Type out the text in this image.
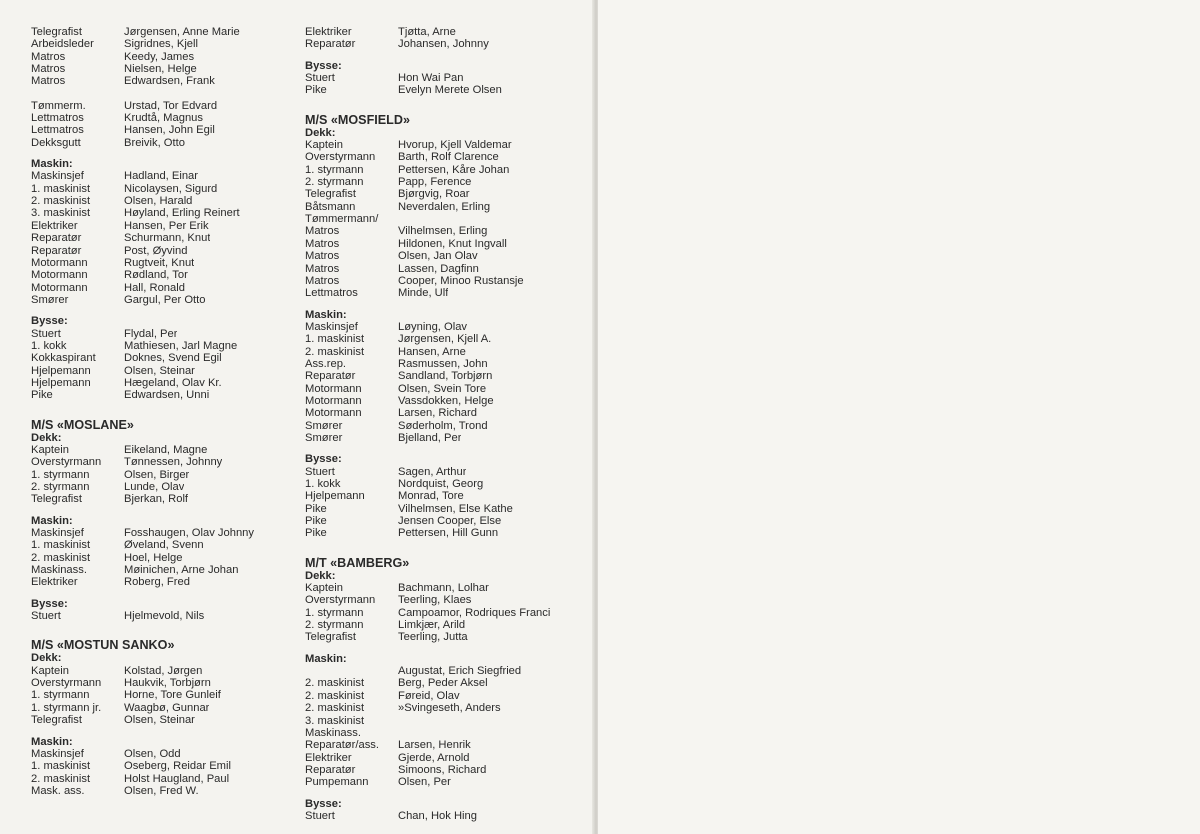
Telegrafist	Jørgensen, Anne Marie
Arbeidsleder	Sigridnes, Kjell
Matros	Keedy, James
Matros	Nielsen, Helge
Matros	Edwardsen, Frank
Tømmerm.	Urstad, Tor Edvard
Lettmatros	Krudtå, Magnus
Lettmatros	Hansen, John Egil
Dekksgutt	Breivik, Otto
Maskin:
Maskinsjef	Hadland, Einar
1. maskinist	Nicolaysen, Sigurd
2. maskinist	Olsen, Harald
3. maskinist	Høyland, Erling Reinert
Elektriker	Hansen, Per Erik
Reparatør	Schurmann, Knut
Reparatør	Post, Øyvind
Motormann	Rugtveit, Knut
Motormann	Rødland, Tor
Motormann	Hall, Ronald
Smører	Gargul, Per Otto
Bysse:
Stuert	Flydal, Per
1. kokk	Mathiesen, Jarl Magne
Kokkaspirant	Doknes, Svend Egil
Hjelpemann	Olsen, Steinar
Hjelpemann	Hægeland, Olav Kr.
Pike	Edwardsen, Unni
M/S «MOSLANE»
Dekk:
Kaptein	Eikeland, Magne
Overstyrmann	Tønnessen, Johnny
1. styrmann	Olsen, Birger
2. styrmann	Lunde, Olav
Telegrafist	Bjerkan, Rolf
Maskin:
Maskinsjef	Fosshaugen, Olav Johnny
1. maskinist	Øveland, Svenn
2. maskinist	Hoel, Helge
Maskinass.	Møinichen, Arne Johan
Elektriker	Roberg, Fred
Bysse:
Stuert	Hjelmevold, Nils
M/S «MOSTUN SANKO»
Dekk:
Kaptein	Kolstad, Jørgen
Overstyrmann	Haukvik, Torbjørn
1. styrmann	Horne, Tore Gunleif
1. styrmann jr.	Waagbø, Gunnar
Telegrafist	Olsen, Steinar
Maskin:
Maskinsjef	Olsen, Odd
1. maskinist	Oseberg, Reidar Emil
2. maskinist	Holst Haugland, Paul
Mask. ass.	Olsen, Fred W.
Elektriker	Tjøtta, Arne
Reparatør	Johansen, Johnny
Bysse:
Stuert	Hon Wai Pan
Pike	Evelyn Merete Olsen
M/S «MOSFIELD»
Dekk:
Kaptein	Hvorup, Kjell Valdemar
Overstyrmann	Barth, Rolf Clarence
1. styrmann	Pettersen, Kåre Johan
2. styrmann	Papp, Ference
Telegrafist	Bjørgvig, Roar
Båtsmann	Neverdalen, Erling
Tømmermann/
Matros	Vilhelmsen, Erling
Matros	Hildonen, Knut Ingvall
Matros	Olsen, Jan Olav
Matros	Lassen, Dagfinn
Matros	Cooper, Minoo Rustansje
Lettmatros	Minde, Ulf
Maskin:
Maskinsjef	Løyning, Olav
1. maskinist	Jørgensen, Kjell A.
2. maskinist	Hansen, Arne
Ass.rep.	Rasmussen, John
Reparatør	Sandland, Torbjørn
Motormann	Olsen, Svein Tore
Motormann	Vassdokken, Helge
Motormann	Larsen, Richard
Smører	Søderholm, Trond
Smører	Bjelland, Per
Bysse:
Stuert	Sagen, Arthur
1. kokk	Nordquist, Georg
Hjelpemann	Monrad, Tore
Pike	Vilhelmsen, Else Kathe
Pike	Jensen Cooper, Else
Pike	Pettersen, Hill Gunn
M/T «BAMBERG»
Dekk:
Kaptein	Bachmann, Lolhar
Overstyrmann	Teerling, Klaes
1. styrmann	Campoamor, Rodriques Franci
2. styrmann	Limkjær, Arild
Telegrafist	Teerling, Jutta
Maskin:
Augustat, Erich Siegfried
2. maskinist	Berg, Peder Aksel
2. maskinist	Føreid, Olav
2. maskinist	»Svingeseth, Anders
3. maskinist
Maskinass.
Reparatør/ass.	Larsen, Henrik
Elektriker	Gjerde, Arnold
Reparatør	Simoons, Richard
Pumpemann	Olsen, Per
Bysse:
Stuert	Chan, Hok Hing
